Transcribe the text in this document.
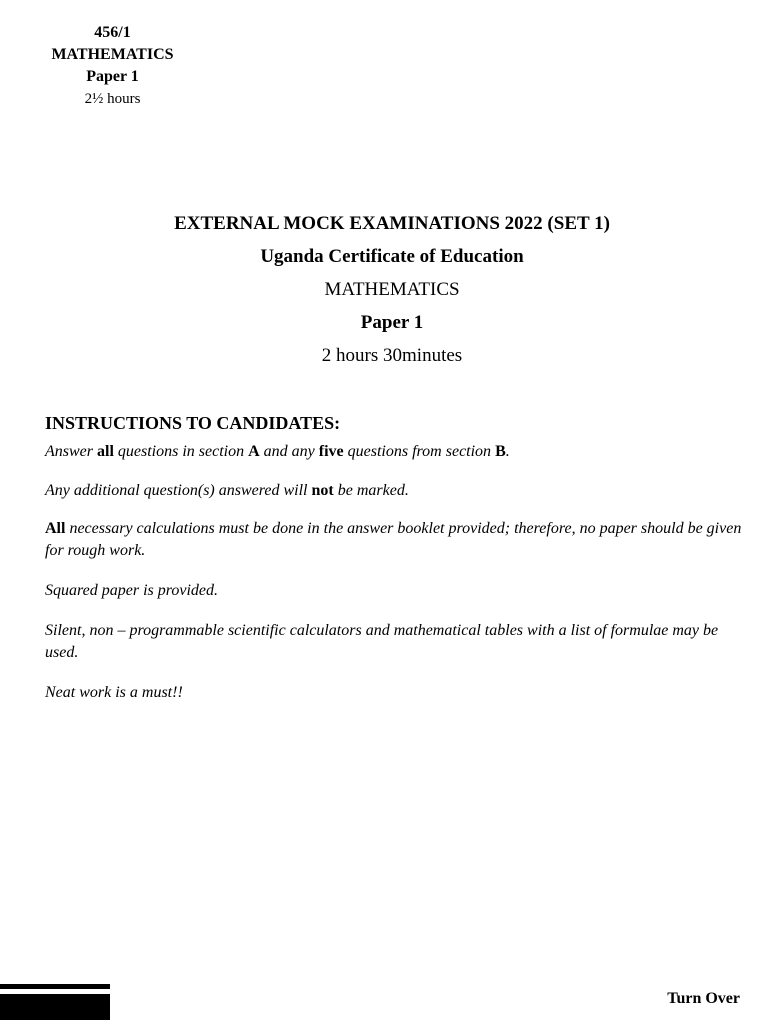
456/1
MATHEMATICS
Paper 1
2½ hours
EXTERNAL MOCK EXAMINATIONS 2022 (SET 1)
Uganda Certificate of Education
MATHEMATICS
Paper 1
2 hours 30minutes
INSTRUCTIONS TO CANDIDATES:
Answer all questions in section A and any five questions from section B.
Any additional question(s) answered will not be marked.
All necessary calculations must be done in the answer booklet provided; therefore, no paper should be given for rough work.
Squared paper is provided.
Silent, non – programmable scientific calculators and mathematical tables with a list of formulae may be used.
Neat work is a must!!
Turn Over
